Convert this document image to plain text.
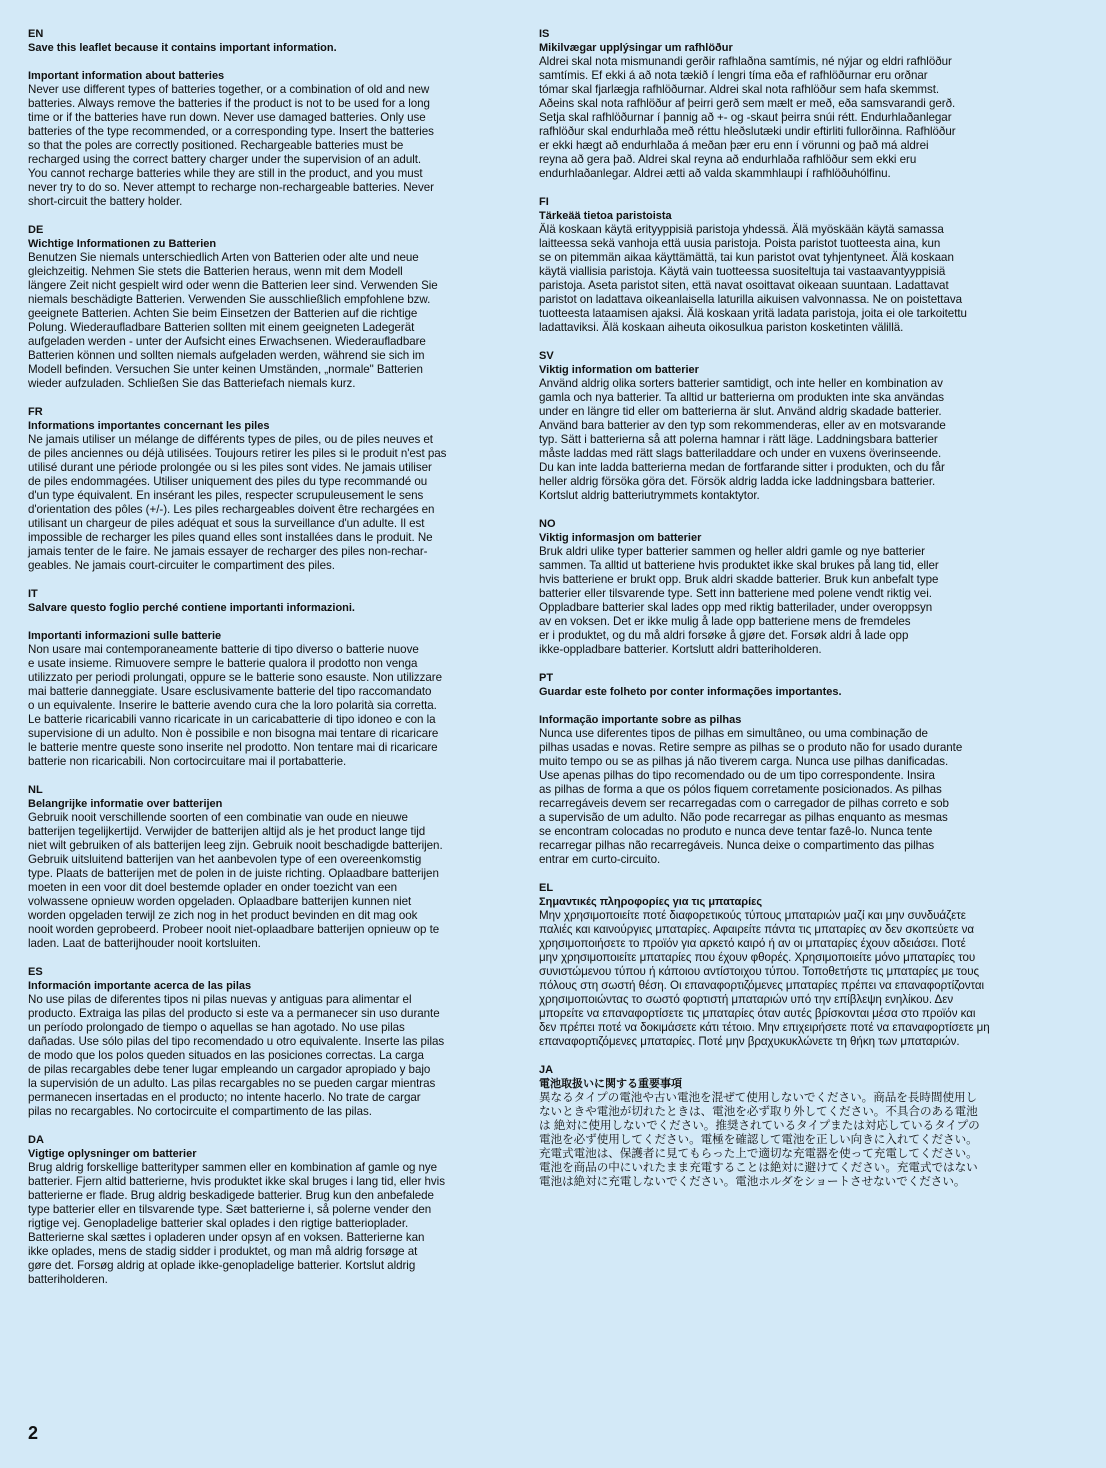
EN
Save this leaflet because it contains important information.
Important information about batteries
Never use different types of batteries together, or a combination of old and new
batteries. Always remove the batteries if the product is not to be used for a long
time or if the batteries have run down. Never use damaged batteries. Only use
batteries of the type recommended, or a corresponding type. Insert the batteries
so that the poles are correctly positioned. Rechargeable batteries must be
recharged using the correct battery charger under the supervision of an adult.
You cannot recharge batteries while they are still in the product, and you must
never try to do so. Never attempt to recharge non-rechargeable batteries. Never
short-circuit the battery holder.
DE
Wichtige Informationen zu Batterien
Benutzen Sie niemals unterschiedlich Arten von Batterien oder alte und neue
gleichzeitig. Nehmen Sie stets die Batterien heraus, wenn mit dem Modell
längere Zeit nicht gespielt wird oder wenn die Batterien leer sind. Verwenden Sie
niemals beschädigte Batterien. Verwenden Sie ausschließlich empfohlene bzw.
geeignete Batterien. Achten Sie beim Einsetzen der Batterien auf die richtige
Polung. Wiederaufladbare Batterien sollten mit einem geeigneten Ladegerät
aufgeladen werden - unter der Aufsicht eines Erwachsenen. Wiederaufladbare
Batterien können und sollten niemals aufgeladen werden, während sie sich im
Modell befinden. Versuchen Sie unter keinen Umständen, „normale" Batterien
wieder aufzuladen. Schließen Sie das Batteriefach niemals kurz.
FR
Informations importantes concernant les piles
Ne jamais utiliser un mélange de différents types de piles, ou de piles neuves et
de piles anciennes ou déjà utilisées. Toujours retirer les piles si le produit n'est pas
utilisé durant une période prolongée ou si les piles sont vides. Ne jamais utiliser
de piles endommagées. Utiliser uniquement des piles du type recommandé ou
d'un type équivalent. En insérant les piles, respecter scrupuleusement le sens
d'orientation des pôles (+/-). Les piles rechargeables doivent être rechargées en
utilisant un chargeur de piles adéquat et sous la surveillance d'un adulte. Il est
impossible de recharger les piles quand elles sont installées dans le produit. Ne
jamais tenter de le faire. Ne jamais essayer de recharger des piles non-rechar-
geables. Ne jamais court-circuiter le compartiment des piles.
IT
Salvare questo foglio perché contiene importanti informazioni.
Importanti informazioni sulle batterie
Non usare mai contemporaneamente batterie di tipo diverso o batterie nuove
e usate insieme. Rimuovere sempre le batterie qualora il prodotto non venga
utilizzato per periodi prolungati, oppure se le batterie sono esauste. Non utilizzare
mai batterie danneggiate. Usare esclusivamente batterie del tipo raccomandato
o un equivalente. Inserire le batterie avendo cura che la loro polarità sia corretta.
Le batterie ricaricabili vanno ricaricate in un caricabatterie di tipo idoneo e con la
supervisione di un adulto. Non è possibile e non bisogna mai tentare di ricaricare
le batterie mentre queste sono inserite nel prodotto. Non tentare mai di ricaricare
batterie non ricaricabili. Non cortocircuitare mai il portabatterie.
NL
Belangrijke informatie over batterijen
Gebruik nooit verschillende soorten of een combinatie van oude en nieuwe
batterijen tegelijkertijd. Verwijder de batterijen altijd als je het product lange tijd
niet wilt gebruiken of als batterijen leeg zijn. Gebruik nooit beschadigde batterijen.
Gebruik uitsluitend batterijen van het aanbevolen type of een overeenkomstig
type. Plaats de batterijen met de polen in de juiste richting. Oplaadbare batterijen
moeten in een voor dit doel bestemde oplader en onder toezicht van een
volwassene opnieuw worden opgeladen. Oplaadbare batterijen kunnen niet
worden opgeladen terwijl ze zich nog in het product bevinden en dit mag ook
nooit worden geprobeerd. Probeer nooit niet-oplaadbare batterijen opnieuw op te
laden. Laat de batterijhouder nooit kortsluiten.
ES
Información importante acerca de las pilas
No use pilas de diferentes tipos ni pilas nuevas y antiguas para alimentar el
producto. Extraiga las pilas del producto si este va a permanecer sin uso durante
un período prolongado de tiempo o aquellas se han agotado. No use pilas
dañadas. Use sólo pilas del tipo recomendado u otro equivalente. Inserte las pilas
de modo que los polos queden situados en las posiciones correctas. La carga
de pilas recargables debe tener lugar empleando un cargador apropiado y bajo
la supervisión de un adulto. Las pilas recargables no se pueden cargar mientras
permanecen insertadas en el producto; no intente hacerlo. No trate de cargar
pilas no recargables. No cortocircuite el compartimento de las pilas.
DA
Vigtige oplysninger om batterier
Brug aldrig forskellige batterityper sammen eller en kombination af gamle og nye
batterier. Fjern altid batterierne, hvis produktet ikke skal bruges i lang tid, eller hvis
batterierne er flade. Brug aldrig beskadigede batterier. Brug kun den anbefalede
type batterier eller en tilsvarende type. Sæt batterierne i, så polerne vender den
rigtige vej. Genopladelige batterier skal oplades i den rigtige batterioplader.
Batterierne skal sættes i opladeren under opsyn af en voksen. Batterierne kan
ikke oplades, mens de stadig sidder i produktet, og man må aldrig forsøge at
gøre det. Forsøg aldrig at oplade ikke-genopladelige batterier. Kortslut aldrig
batteriholderen.
IS
Mikilvægar upplýsingar um rafhlöður
Aldrei skal nota mismunandi gerðir rafhlaðna samtímis, né nýjar og eldri rafhlöður
samtímis. Ef ekki á að nota tækið í lengri tíma eða ef rafhlöðurnar eru orðnar
tómar skal fjarlægja rafhlöðurnar. Aldrei skal nota rafhlöður sem hafa skemmst.
Aðeins skal nota rafhlöður af þeirri gerð sem mælt er með, eða samsvarandi gerð.
Setja skal rafhlöðurnar í þannig að +- og -skaut þeirra snúi rétt. Endurhlaðanlegar
rafhlöður skal endurhlaða með réttu hleðslutæki undir eftirliti fullorðinna. Rafhlöður
er ekki hægt að endurhlaða á meðan þær eru enn í vörunni og það má aldrei
reyna að gera það. Aldrei skal reyna að endurhlaða rafhlöður sem ekki eru
endurhlaðanlegar. Aldrei ætti að valda skammhlaupi í rafhlöðuhólfinu.
FI
Tärkeää tietoa paristoista
Älä koskaan käytä erityyppisiä paristoja yhdessä. Älä myöskään käytä samassa
laitteessa sekä vanhoja että uusia paristoja. Poista paristot tuotteesta aina, kun
se on pitemmän aikaa käyttämättä, tai kun paristot ovat tyhjentyneet. Älä koskaan
käytä viallisia paristoja. Käytä vain tuotteessa suositeltuja tai vastaavantyyppisiä
paristoja. Aseta paristot siten, että navat osoittavat oikeaan suuntaan. Ladattavat
paristot on ladattava oikeanlaisella laturilla aikuisen valvonnassa. Ne on poistettava
tuotteesta lataamisen ajaksi. Älä koskaan yritä ladata paristoja, joita ei ole tarkoitettu
ladattaviksi. Älä koskaan aiheuta oikosulkua pariston kosketinten välillä.
SV
Viktig information om batterier
Använd aldrig olika sorters batterier samtidigt, och inte heller en kombination av
gamla och nya batterier. Ta alltid ur batterierna om produkten inte ska användas
under en längre tid eller om batterierna är slut. Använd aldrig skadade batterier.
Använd bara batterier av den typ som rekommenderas, eller av en motsvarande
typ. Sätt i batterierna så att polerna hamnar i rätt läge. Laddningsbara batterier
måste laddas med rätt slags batteriladdare och under en vuxens överinseende.
Du kan inte ladda batterierna medan de fortfarande sitter i produkten, och du får
heller aldrig försöka göra det. Försök aldrig ladda icke laddningsbara batterier.
Kortslut aldrig batteriutrymmets kontaktytor.
NO
Viktig informasjon om batterier
Bruk aldri ulike typer batterier sammen og heller aldri gamle og nye batterier
sammen. Ta alltid ut batteriene hvis produktet ikke skal brukes på lang tid, eller
hvis batteriene er brukt opp. Bruk aldri skadde batterier. Bruk kun anbefalt type
batterier eller tilsvarende type. Sett inn batteriene med polene vendt riktig vei.
Oppladbare batterier skal lades opp med riktig batterilader, under overoppsyn
av en voksen. Det er ikke mulig å lade opp batteriene mens de fremdeles
er i produktet, og du må aldri forsøke å gjøre det. Forsøk aldri å lade opp
ikke-oppladbare batterier. Kortslutt aldri batteriholderen.
PT
Guardar este folheto por conter informações importantes.
Informação importante sobre as pilhas
Nunca use diferentes tipos de pilhas em simultâneo, ou uma combinação de
pilhas usadas e novas. Retire sempre as pilhas se o produto não for usado durante
muito tempo ou se as pilhas já não tiverem carga. Nunca use pilhas danificadas.
Use apenas pilhas do tipo recomendado ou de um tipo correspondente. Insira
as pilhas de forma a que os pólos fiquem corretamente posicionados. As pilhas
recarregáveis devem ser recarregadas com o carregador de pilhas correto e sob
a supervisão de um adulto. Não pode recarregar as pilhas enquanto as mesmas
se encontram colocadas no produto e nunca deve tentar fazê-lo. Nunca tente
recarregar pilhas não recarregáveis. Nunca deixe o compartimento das pilhas
entrar em curto-circuito.
EL
Σημαντικές πληροφορίες για τις μπαταρίες
Μην χρησιμοποιείτε ποτέ διαφορετικούς τύπους μπαταριών μαζί και μην συνδυάζετε
παλιές και καινούργιες μπαταρίες. Αφαιρείτε πάντα τις μπαταρίες αν δεν σκοπεύετε να
χρησιμοποιήσετε το προϊόν για αρκετό καιρό ή αν οι μπαταρίες έχουν αδειάσει. Ποτέ
μην χρησιμοποιείτε μπαταρίες που έχουν φθορές. Χρησιμοποιείτε μόνο μπαταρίες του
συνιστώμενου τύπου ή κάποιου αντίστοιχου τύπου. Τοποθετήστε τις μπαταρίες με τους
πόλους στη σωστή θέση. Οι επαναφορτιζόμενες μπαταρίες πρέπει να επαναφορτίζονται
χρησιμοποιώντας το σωστό φορτιστή μπαταριών υπό την επίβλεψη ενηλίκου. Δεν
μπορείτε να επαναφορτίσετε τις μπαταρίες όταν αυτές βρίσκονται μέσα στο προϊόν και
δεν πρέπει ποτέ να δοκιμάσετε κάτι τέτοιο. Μην επιχειρήσετε ποτέ να επαναφορτίσετε μη
επαναφορτιζόμενες μπαταρίες. Ποτέ μην βραχυκυκλώνετε τη θήκη των μπαταριών.
JA
電池取扱いに関する重要事項
異なるタイプの電池や古い電池を混ぜて使用しないでください。商品を長時間使用し
ないときや電池が切れたときは、電池を必ず取り外してください。不具合のある電池
は 絶対に使用しないでください。推奨されているタイプまたは対応しているタイプの
電池を必ず使用してください。電極を確認して電池を正しい向きに入れてください。
充電式電池は、保護者に見てもらった上で適切な充電器を使って充電してください。
電池を商品の中にいれたまま充電することは絶対に避けてください。充電式ではない
電池は絶対に充電しないでください。電池ホルダをショートさせないでください。
2
